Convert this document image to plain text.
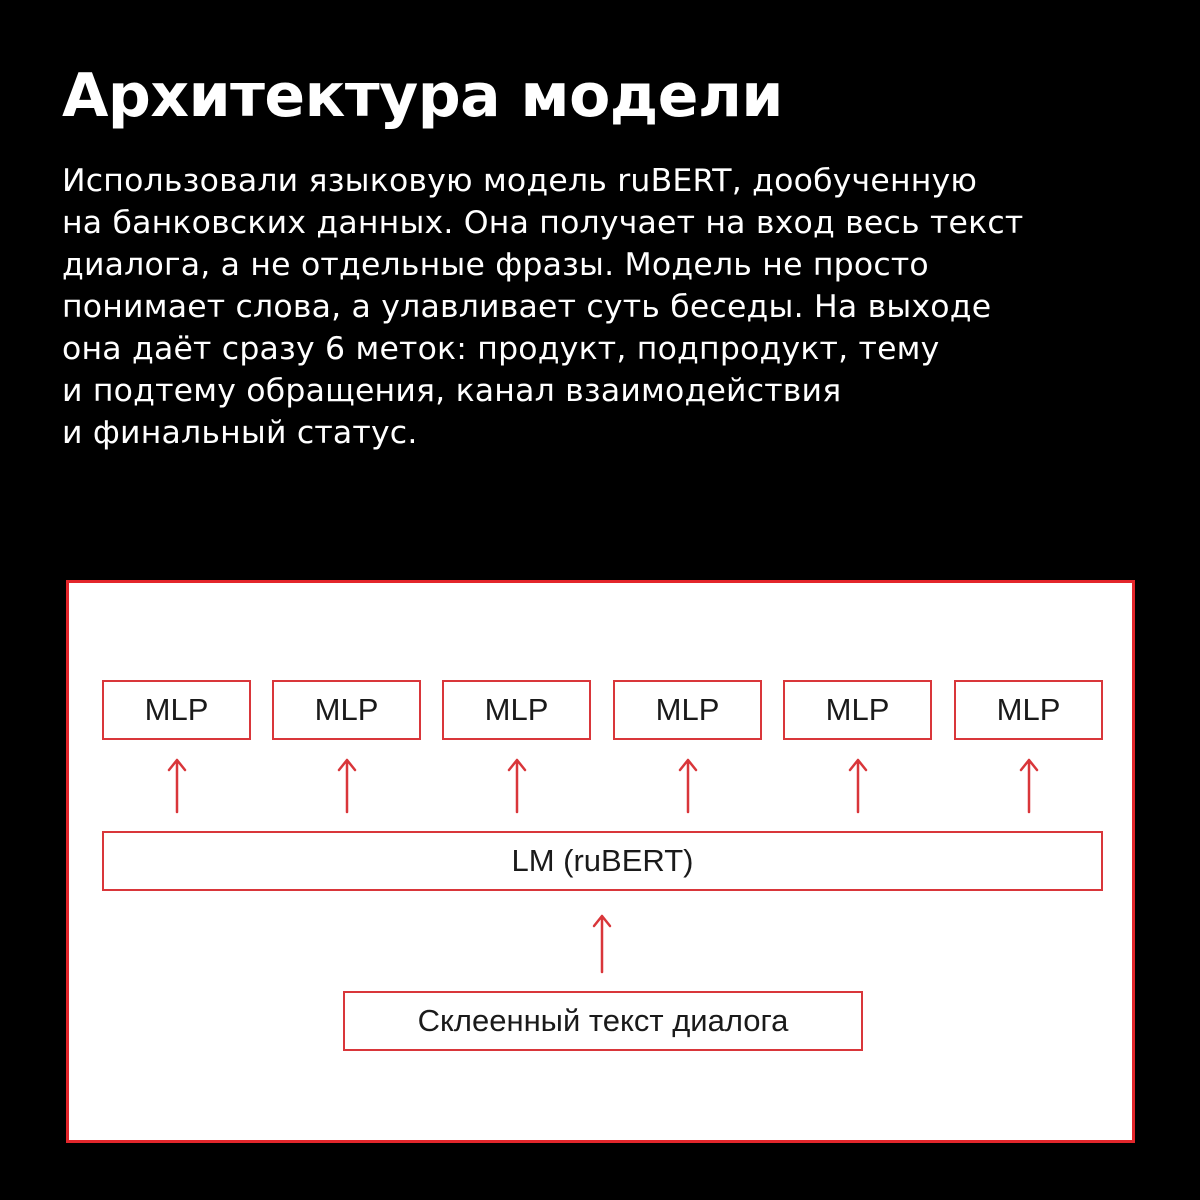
Архитектура модели
Использовали языковую модель ruBERT, дообученную
на банковских данных. Она получает на вход весь текст
диалога, а не отдельные фразы. Модель не просто
понимает слова, а улавливает суть беседы. На выходе
она даёт сразу 6 меток: продукт, подпродукт, тему
и подтему обращения, канал взаимодействия
и финальный статус.
MLP	MLP	MLP	MLP	MLP	MLP
LM (ruBERT)
Склеенный текст диалога
